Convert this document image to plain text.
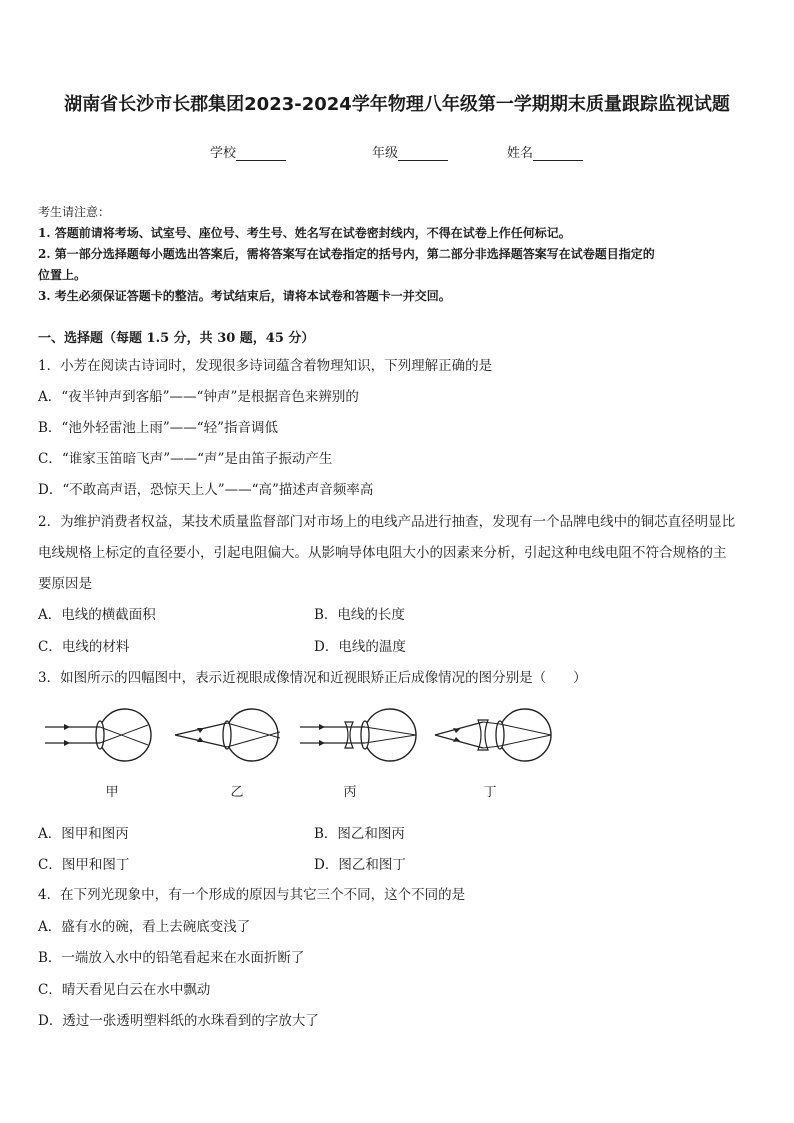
湖南省长沙市长郡集团2023-2024学年物理八年级第一学期期末质量跟踪监视试题
学校	年级	姓名
考生请注意：
1. 答题前请将考场、试室号、座位号、考生号、姓名写在试卷密封线内，不得在试卷上作任何标记。
2. 第一部分选择题每小题选出答案后，需将答案写在试卷指定的括号内，第二部分非选择题答案写在试卷题目指定的
位置上。
3. 考生必须保证答题卡的整洁。考试结束后，请将本试卷和答题卡一并交回。
一、选择题（每题 1.5 分，共 30 题，45 分）
1．小芳在阅读古诗词时，发现很多诗词蕴含着物理知识，下列理解正确的是
A．“夜半钟声到客船”——“钟声”是根据音色来辨别的
B．“池外轻雷池上雨”——“轻”指音调低
C．“谁家玉笛暗飞声”——“声”是由笛子振动产生
D．“不敢高声语，恐惊天上人”——“高”描述声音频率高
2．为维护消费者权益，某技术质量监督部门对市场上的电线产品进行抽查，发现有一个品牌电线中的铜芯直径明显比
电线规格上标定的直径要小，引起电阻偏大。从影响导体电阻大小的因素来分析，引起这种电线电阻不符合规格的主
要原因是
A．电线的横截面积	B．电线的长度
C．电线的材料	D．电线的温度
3．如图所示的四幅图中，表示近视眼成像情况和近视眼矫正后成像情况的图分别是（　　）
甲	乙	丙	丁
A．图甲和图丙	B．图乙和图丙
C．图甲和图丁	D．图乙和图丁
4．在下列光现象中，有一个形成的原因与其它三个不同，这个不同的是
A．盛有水的碗，看上去碗底变浅了
B．一端放入水中的铅笔看起来在水面折断了
C．晴天看见白云在水中飘动
D．透过一张透明塑料纸的水珠看到的字放大了
